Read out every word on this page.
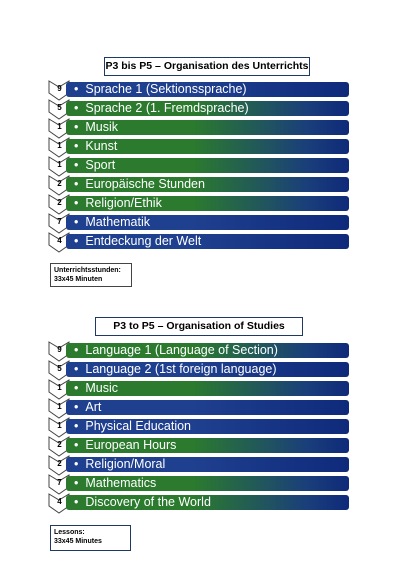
P3 bis P5 – Organisation des Unterrichts
9 • Sprache 1 (Sektionssprache)
5 • Sprache 2 (1. Fremdsprache)
1 • Musik
1 • Kunst
1 • Sport
2 • Europäische Stunden
2 • Religion/Ethik
7 • Mathematik
4 • Entdeckung der Welt
Unterrichtsstunden:
33x45 Minuten
P3 to P5 – Organisation of Studies
9 • Language 1 (Language of Section)
5 • Language 2 (1st foreign language)
1 • Music
1 • Art
1 • Physical Education
2 • European Hours
2 • Religion/Moral
7 • Mathematics
4 • Discovery of the World
Lessons:
33x45 Minutes
